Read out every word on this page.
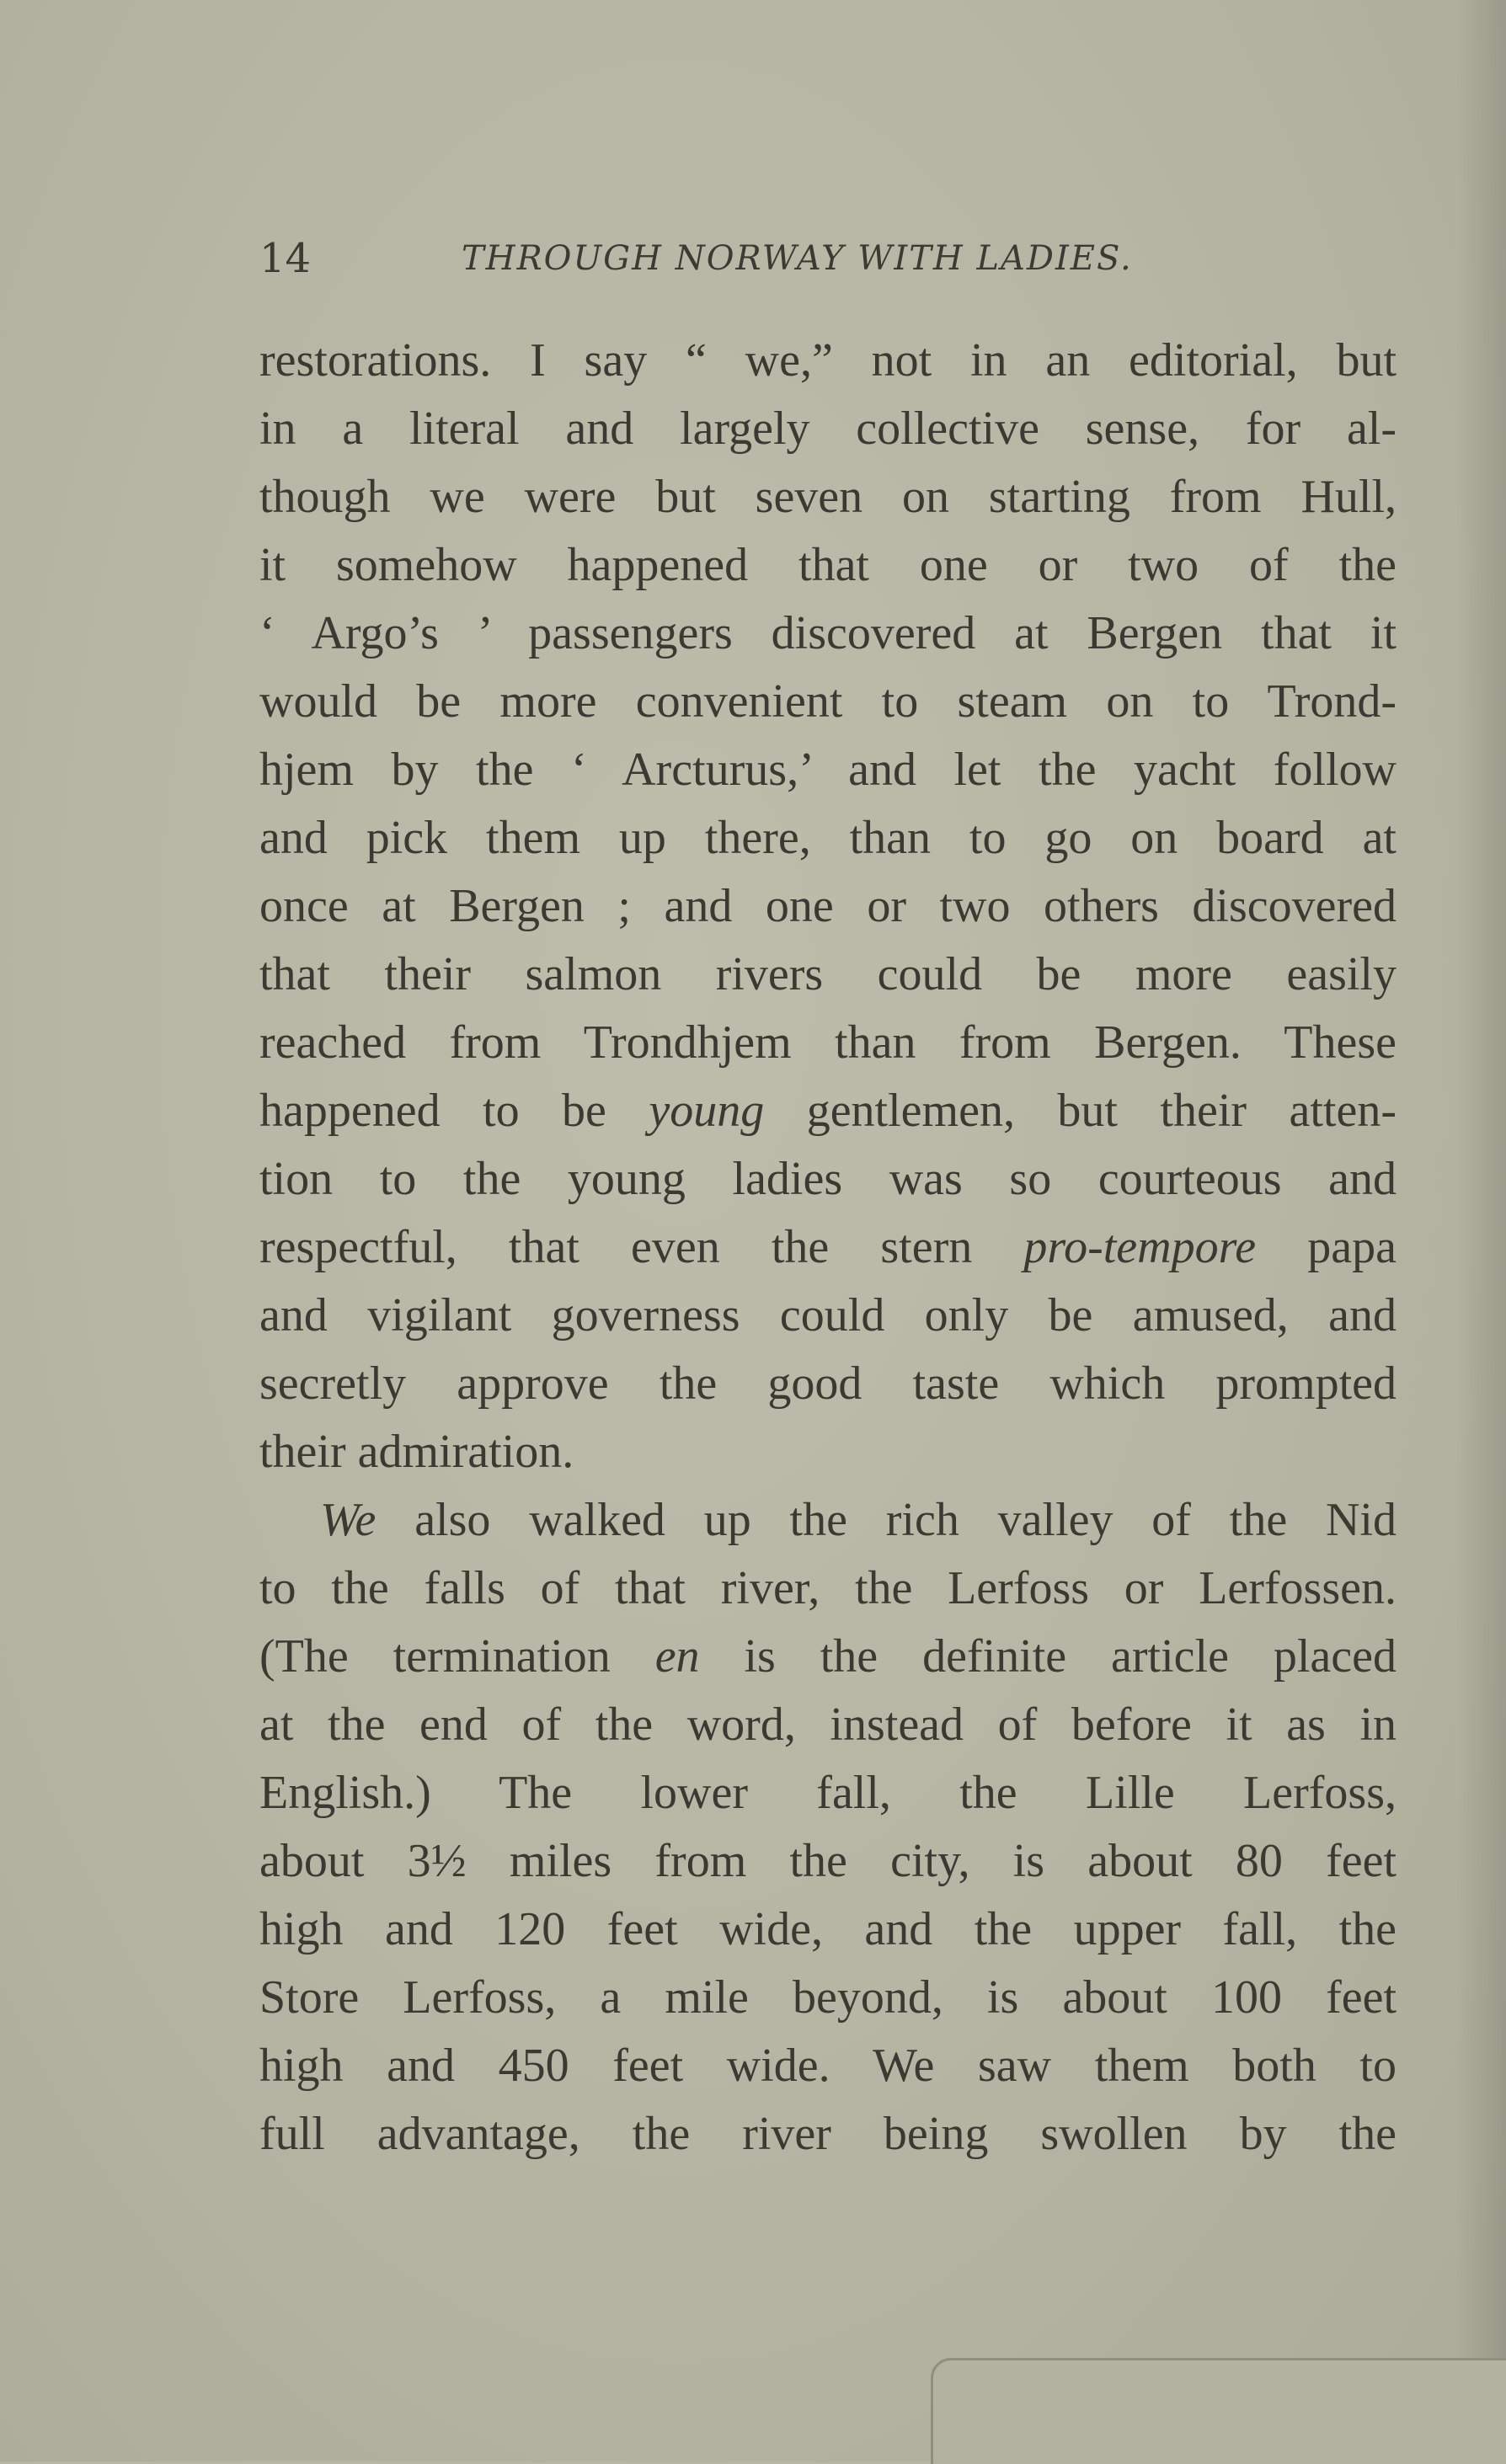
14	THROUGH NORWAY WITH LADIES.
restorations. I say “ we,” not in an editorial, but
in a literal and largely collective sense, for al-
though we were but seven on starting from Hull,
it somehow happened that one or two of the
‘ Argo’s ’ passengers discovered at Bergen that it
would be more convenient to steam on to Trond-
hjem by the ‘ Arcturus,’ and let the yacht follow
and pick them up there, than to go on board at
once at Bergen ; and one or two others discovered
that their salmon rivers could be more easily
reached from Trondhjem than from Bergen. These
happened to be young gentlemen, but their atten-
tion to the young ladies was so courteous and
respectful, that even the stern pro-tempore papa
and vigilant governess could only be amused, and
secretly approve the good taste which prompted
their admiration.
We also walked up the rich valley of the Nid
to the falls of that river, the Lerfoss or Lerfossen.
(The termination en is the definite article placed
at the end of the word, instead of before it as in
English.) The lower fall, the Lille Lerfoss,
about 3½ miles from the city, is about 80 feet
high and 120 feet wide, and the upper fall, the
Store Lerfoss, a mile beyond, is about 100 feet
high and 450 feet wide. We saw them both to
full advantage, the river being swollen by the
